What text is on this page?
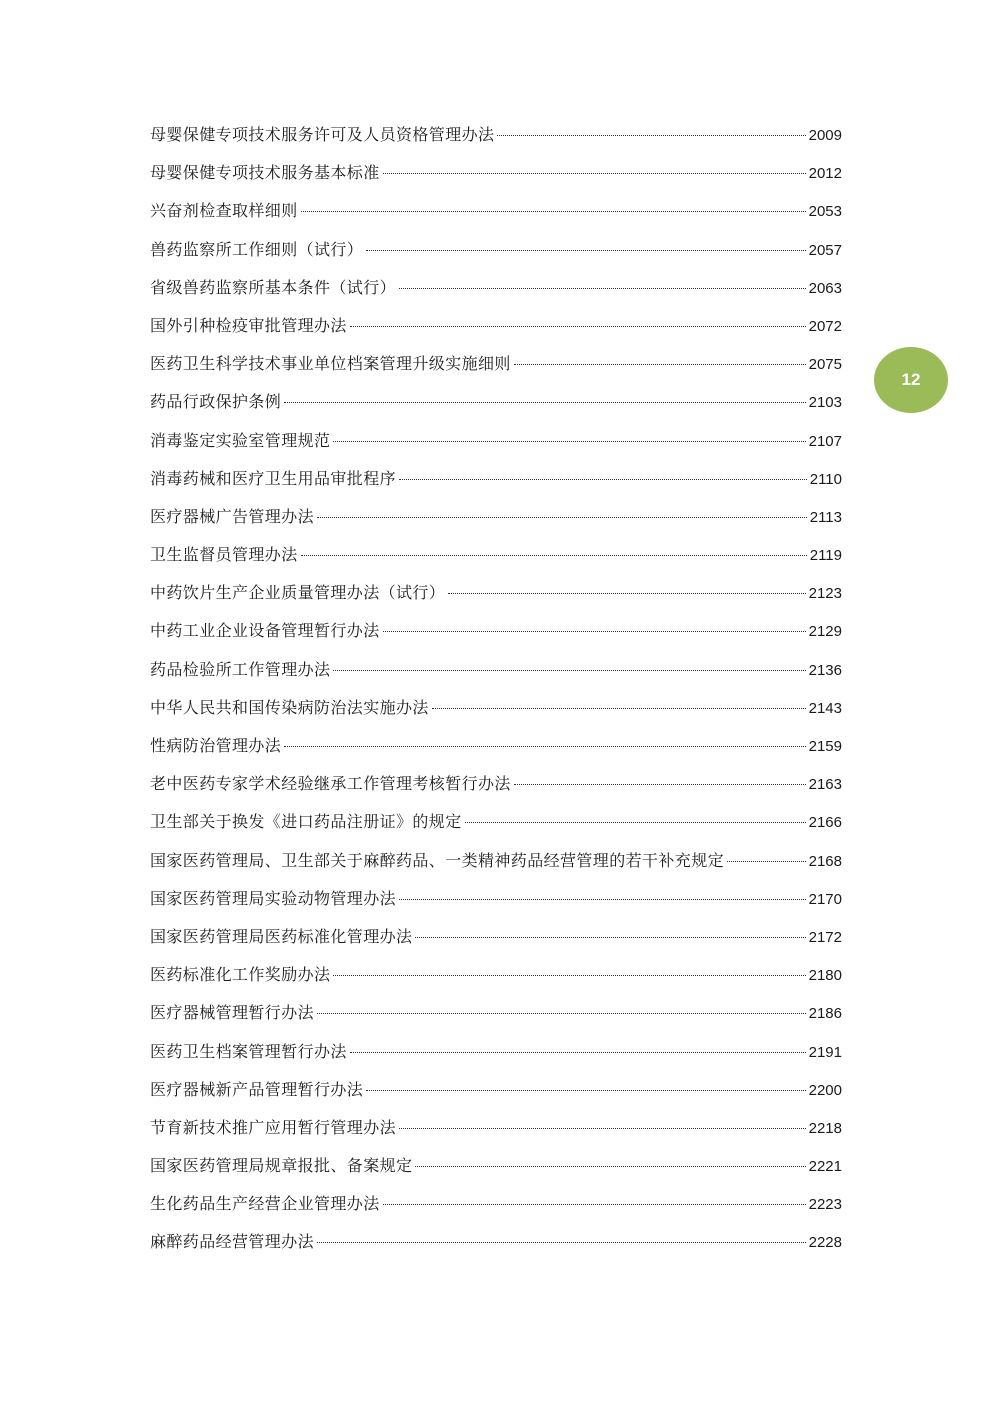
母婴保健专项技术服务许可及人员资格管理办法	2009
母婴保健专项技术服务基本标准	2012
兴奋剂检查取样细则	2053
兽药监察所工作细则（试行）	2057
省级兽药监察所基本条件（试行）	2063
国外引种检疫审批管理办法	2072
医药卫生科学技术事业单位档案管理升级实施细则	2075
药品行政保护条例	2103
消毒鉴定实验室管理规范	2107
消毒药械和医疗卫生用品审批程序	2110
医疗器械广告管理办法	2113
卫生监督员管理办法	2119
中药饮片生产企业质量管理办法（试行）	2123
中药工业企业设备管理暂行办法	2129
药品检验所工作管理办法	2136
中华人民共和国传染病防治法实施办法	2143
性病防治管理办法	2159
老中医药专家学术经验继承工作管理考核暂行办法	2163
卫生部关于换发《进口药品注册证》的规定	2166
国家医药管理局、卫生部关于麻醉药品、一类精神药品经营管理的若干补充规定	2168
国家医药管理局实验动物管理办法	2170
国家医药管理局医药标准化管理办法	2172
医药标准化工作奖励办法	2180
医疗器械管理暂行办法	2186
医药卫生档案管理暂行办法	2191
医疗器械新产品管理暂行办法	2200
节育新技术推广应用暂行管理办法	2218
国家医药管理局规章报批、备案规定	2221
生化药品生产经营企业管理办法	2223
麻醉药品经营管理办法	2228
12
